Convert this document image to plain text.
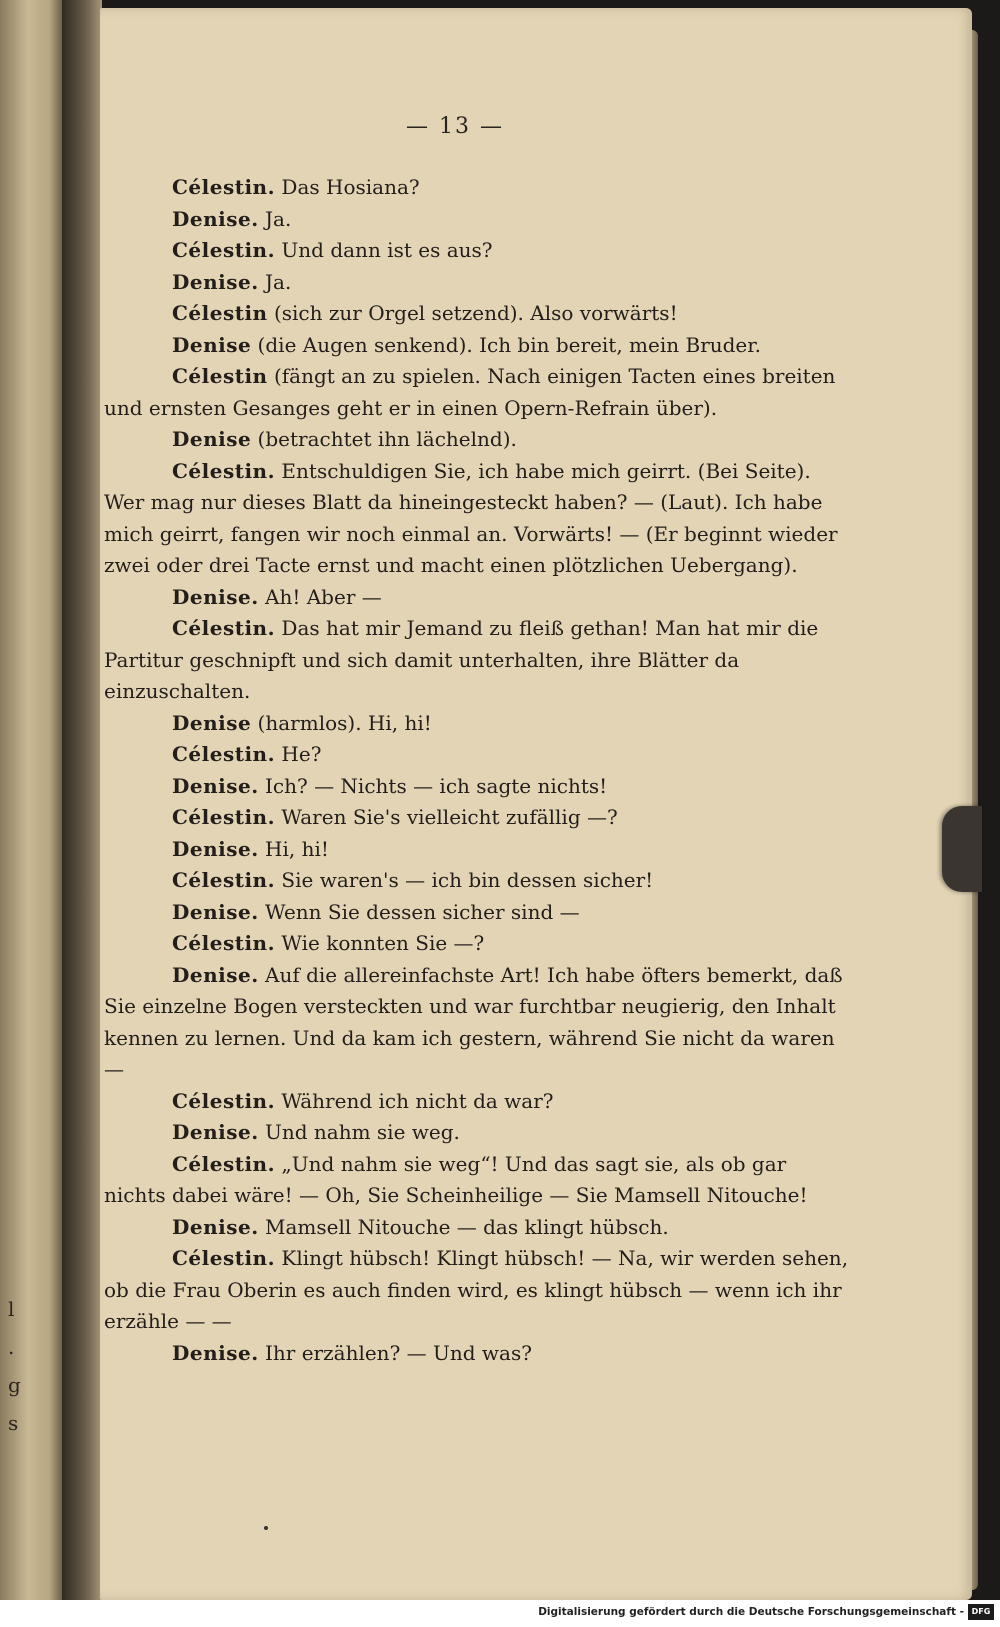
l
.
g
s
— 13 —

Célestin. Das Hosiana?

Denise. Ja.

Célestin. Und dann ist es aus?

Denise. Ja.

Célestin (sich zur Orgel setzend). Also vorwärts!

Denise (die Augen senkend). Ich bin bereit, mein Bruder.

Célestin (fängt an zu spielen. Nach einigen Tacten eines breiten und ernsten Gesanges geht er in einen Opern-Refrain über).

Denise (betrachtet ihn lächelnd).

Célestin. Entschuldigen Sie, ich habe mich geirrt. (Bei Seite). Wer mag nur dieses Blatt da hineingesteckt haben? — (Laut). Ich habe mich geirrt, fangen wir noch einmal an. Vorwärts! — (Er beginnt wieder zwei oder drei Tacte ernst und macht einen plötzlichen Uebergang).

Denise. Ah! Aber —

Célestin. Das hat mir Jemand zu fleiß gethan! Man hat mir die Partitur geschnipft und sich damit unterhalten, ihre Blätter da einzuschalten.

Denise (harmlos). Hi, hi!

Célestin. He?

Denise. Ich? — Nichts — ich sagte nichts!

Célestin. Waren Sie's vielleicht zufällig —?

Denise. Hi, hi!

Célestin. Sie waren's — ich bin dessen sicher!

Denise. Wenn Sie dessen sicher sind —

Célestin. Wie konnten Sie —?

Denise. Auf die allereinfachste Art! Ich habe öfters bemerkt, daß Sie einzelne Bogen versteckten und war furchtbar neugierig, den Inhalt kennen zu lernen. Und da kam ich gestern, während Sie nicht da waren —

Célestin. Während ich nicht da war?

Denise. Und nahm sie weg.

Célestin. „Und nahm sie weg“! Und das sagt sie, als ob gar nichts dabei wäre! — Oh, Sie Scheinheilige — Sie Mamsell Nitouche!

Denise. Mamsell Nitouche — das klingt hübsch.

Célestin. Klingt hübsch! Klingt hübsch! — Na, wir werden sehen, ob die Frau Oberin es auch finden wird, es klingt hübsch — wenn ich ihr erzähle — —

Denise. Ihr erzählen? — Und was?

Digitalisierung gefördert durch die Deutsche Forschungsgemeinschaft - DFG
